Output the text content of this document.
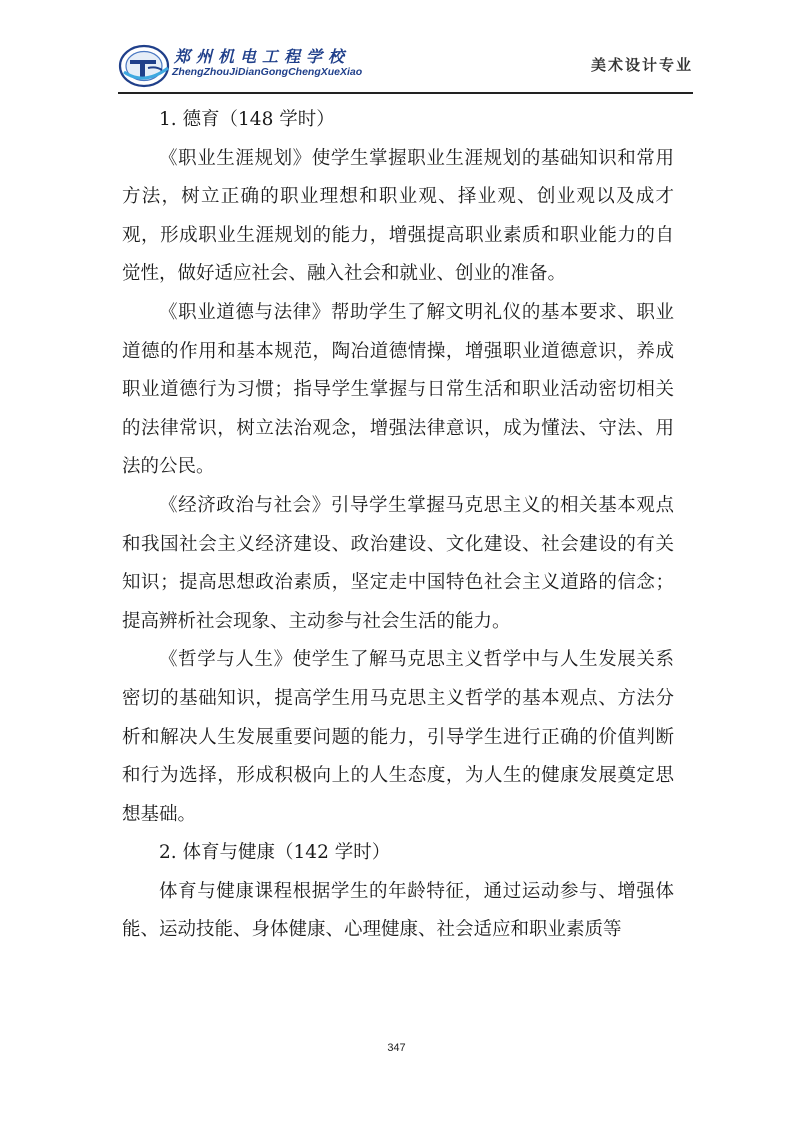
郑州机电工程学校
ZhengZhouJiDianGongChengXueXiao	美术设计专业

1. 德育（148 学时）

《职业生涯规划》使学生掌握职业生涯规划的基础知识和常用方法，树立正确的职业理想和职业观、择业观、创业观以及成才观，形成职业生涯规划的能力，增强提高职业素质和职业能力的自觉性，做好适应社会、融入社会和就业、创业的准备。

《职业道德与法律》帮助学生了解文明礼仪的基本要求、职业道德的作用和基本规范，陶冶道德情操，增强职业道德意识，养成职业道德行为习惯；指导学生掌握与日常生活和职业活动密切相关的法律常识，树立法治观念，增强法律意识，成为懂法、守法、用法的公民。

《经济政治与社会》引导学生掌握马克思主义的相关基本观点和我国社会主义经济建设、政治建设、文化建设、社会建设的有关知识；提高思想政治素质，坚定走中国特色社会主义道路的信念；提高辨析社会现象、主动参与社会生活的能力。

《哲学与人生》使学生了解马克思主义哲学中与人生发展关系密切的基础知识，提高学生用马克思主义哲学的基本观点、方法分析和解决人生发展重要问题的能力，引导学生进行正确的价值判断和行为选择，形成积极向上的人生态度，为人生的健康发展奠定思想基础。

2. 体育与健康（142 学时）

体育与健康课程根据学生的年龄特征，通过运动参与、增强体能、运动技能、身体健康、心理健康、社会适应和职业素质等

347
